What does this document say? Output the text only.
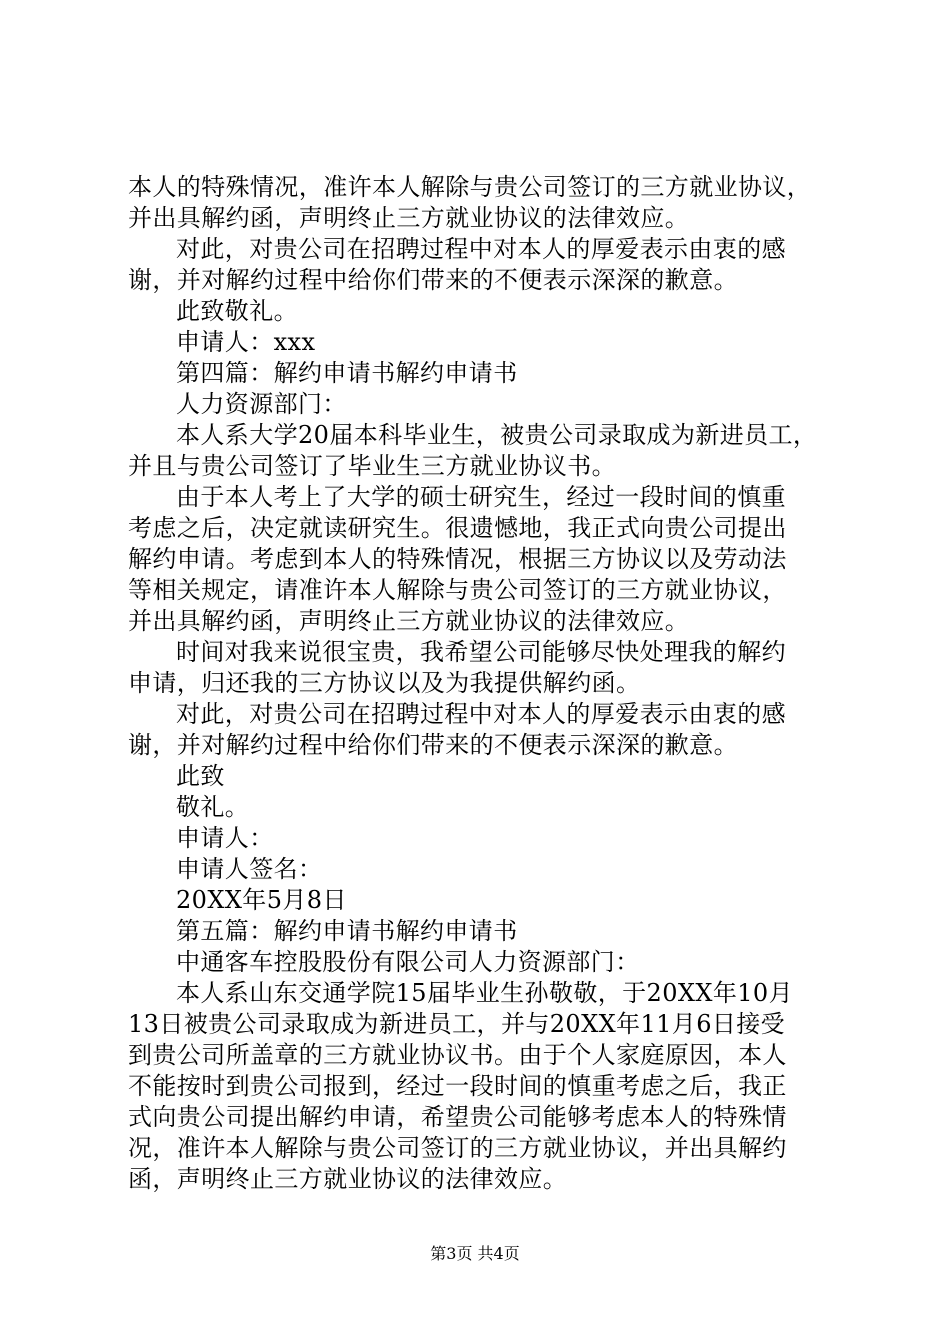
本人的特殊情况，准许本人解除与贵公司签订的三方就业协议，
并出具解约函，声明终止三方就业协议的法律效应。
对此，对贵公司在招聘过程中对本人的厚爱表示由衷的感
谢，并对解约过程中给你们带来的不便表示深深的歉意。
此致敬礼。
申请人：xxx
第四篇：解约申请书解约申请书
人力资源部门：
本人系大学20届本科毕业生，被贵公司录取成为新进员工，
并且与贵公司签订了毕业生三方就业协议书。
由于本人考上了大学的硕士研究生，经过一段时间的慎重
考虑之后，决定就读研究生。很遗憾地，我正式向贵公司提出
解约申请。考虑到本人的特殊情况，根据三方协议以及劳动法
等相关规定，请准许本人解除与贵公司签订的三方就业协议，
并出具解约函，声明终止三方就业协议的法律效应。
时间对我来说很宝贵，我希望公司能够尽快处理我的解约
申请，归还我的三方协议以及为我提供解约函。
对此，对贵公司在招聘过程中对本人的厚爱表示由衷的感
谢，并对解约过程中给你们带来的不便表示深深的歉意。
此致
敬礼。
申请人：
申请人签名：
20XX年5月8日
第五篇：解约申请书解约申请书
中通客车控股股份有限公司人力资源部门：
本人系山东交通学院15届毕业生孙敬敬，于20XX年10月
13日被贵公司录取成为新进员工，并与20XX年11月6日接受
到贵公司所盖章的三方就业协议书。由于个人家庭原因，本人
不能按时到贵公司报到，经过一段时间的慎重考虑之后，我正
式向贵公司提出解约申请，希望贵公司能够考虑本人的特殊情
况，准许本人解除与贵公司签订的三方就业协议，并出具解约
函，声明终止三方就业协议的法律效应。
第3页 共4页
